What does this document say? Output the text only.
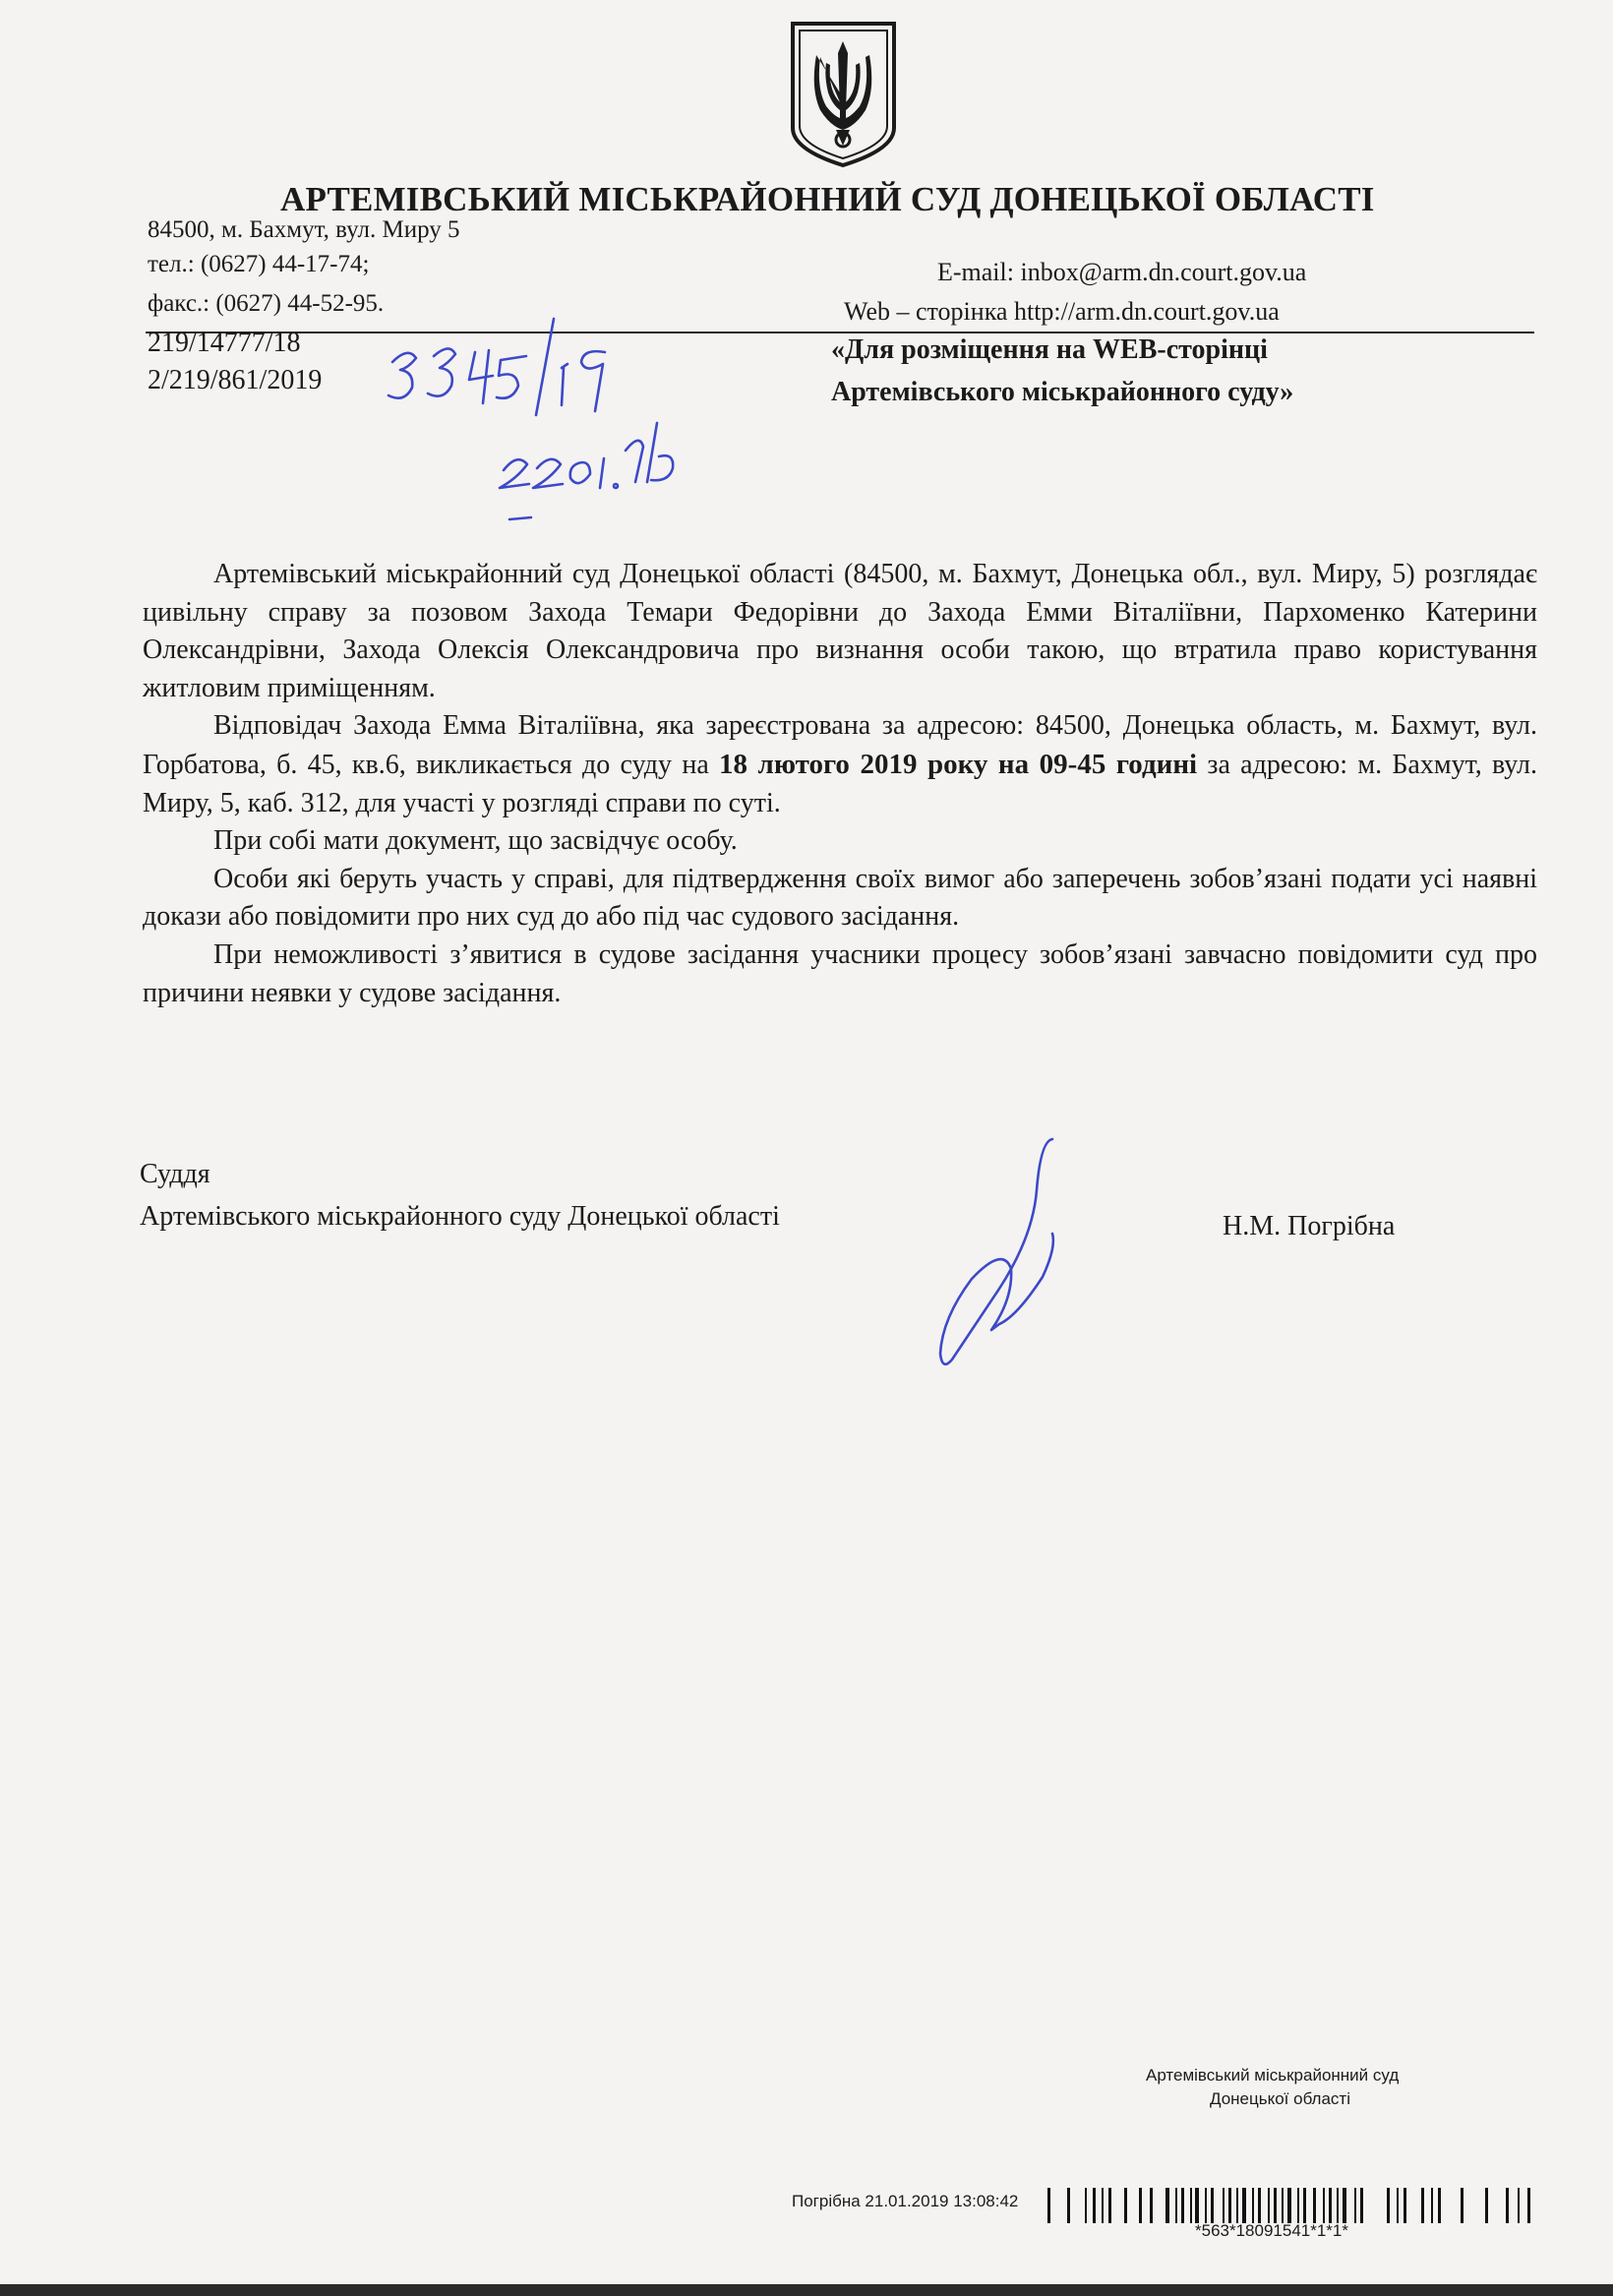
АРТЕМІВСЬКИЙ МІСЬКРАЙОННИЙ СУД ДОНЕЦЬКОЇ ОБЛАСТІ
84500, м. Бахмут, вул. Миру 5
тел.: (0627) 44-17-74;
факс.: (0627) 44-52-95.
E-mail: inbox@arm.dn.court.gov.ua
Web – сторінка http://arm.dn.court.gov.ua
219/14777/18
2/219/861/2019
«Для розміщення на WEB-сторінці
Артемівського міськрайонного суду»

Артемівський міськрайонний суд Донецької області (84500, м. Бахмут, Донецька обл., вул. Миру, 5) розглядає цивільну справу за позовом Захода Темари Федорівни до Захода Емми Віталіївни, Пархоменко Катерини Олександрівни, Захода Олексія Олександровича про визнання особи такою, що втратила право користування житловим приміщенням.

Відповідач Захода Емма Віталіївна, яка зареєстрована за адресою: 84500, Донецька область, м. Бахмут, вул. Горбатова, б. 45, кв.6, викликається до суду на 18 лютого 2019 року на 09-45 годині за адресою: м. Бахмут, вул. Миру, 5, каб. 312, для участі у розгляді справи по суті.

При собі мати документ, що засвідчує особу.

Особи які беруть участь у справі, для підтвердження своїх вимог або заперечень зобов’язані подати усі наявні докази або повідомити про них суд до або під час судового засідання.

При неможливості з’явитися в судове засідання учасники процесу зобов’язані завчасно повідомити суд про причини неявки у судове засідання.

Суддя
Артемівського міськрайонного суду Донецької області	Н.М. Погрібна
Артемівський міськрайонний суд
Донецької області
Погрібна 21.01.2019 13:08:42
*563*18091541*1*1*
